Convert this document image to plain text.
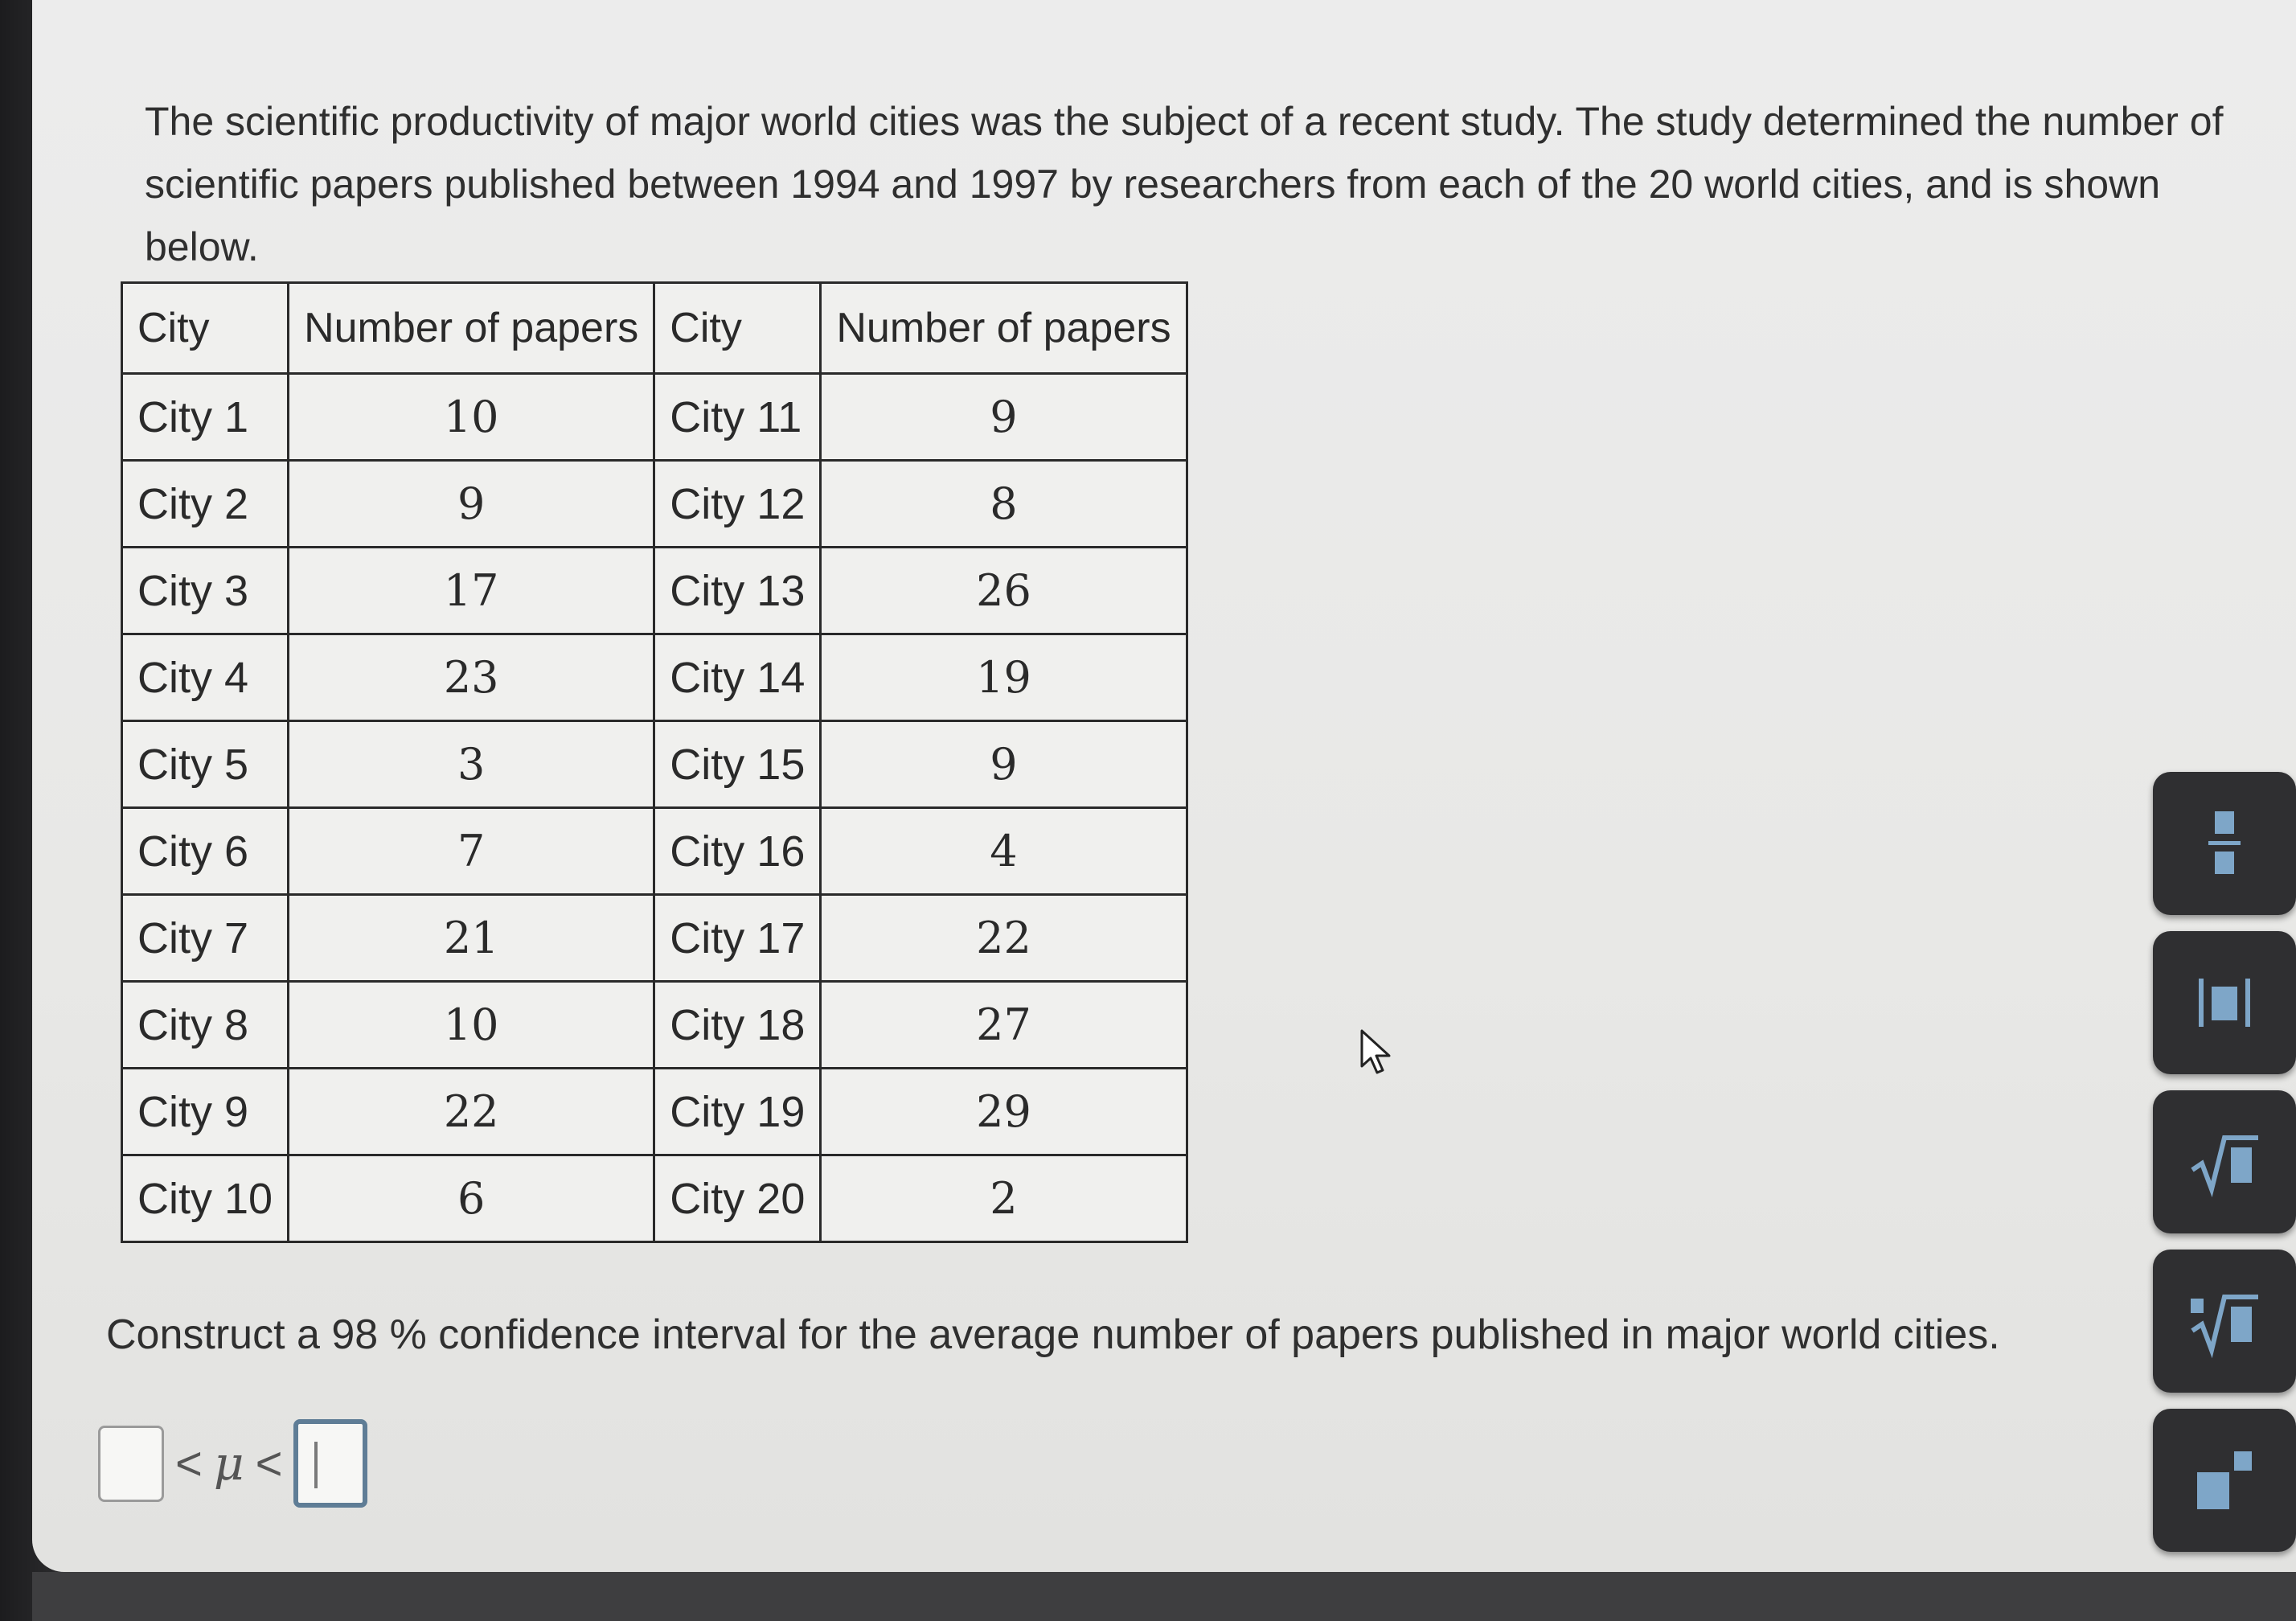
The scientific productivity of major world cities was the subject of a recent study. The study determined the number of scientific papers published between 1994 and 1997 by researchers from each of the 20 world cities, and is shown below.

City	Number of papers	City	Number of papers
City 1	10	City 11	9
City 2	9	City 12	8
City 3	17	City 13	26
City 4	23	City 14	19
City 5	3	City 15	9
City 6	7	City 16	4
City 7	21	City 17	22
City 8	10	City 18	27
City 9	22	City 19	29
City 10	6	City 20	2
Construct a 98 % confidence interval for the average number of papers published in major world cities.
< μ <
